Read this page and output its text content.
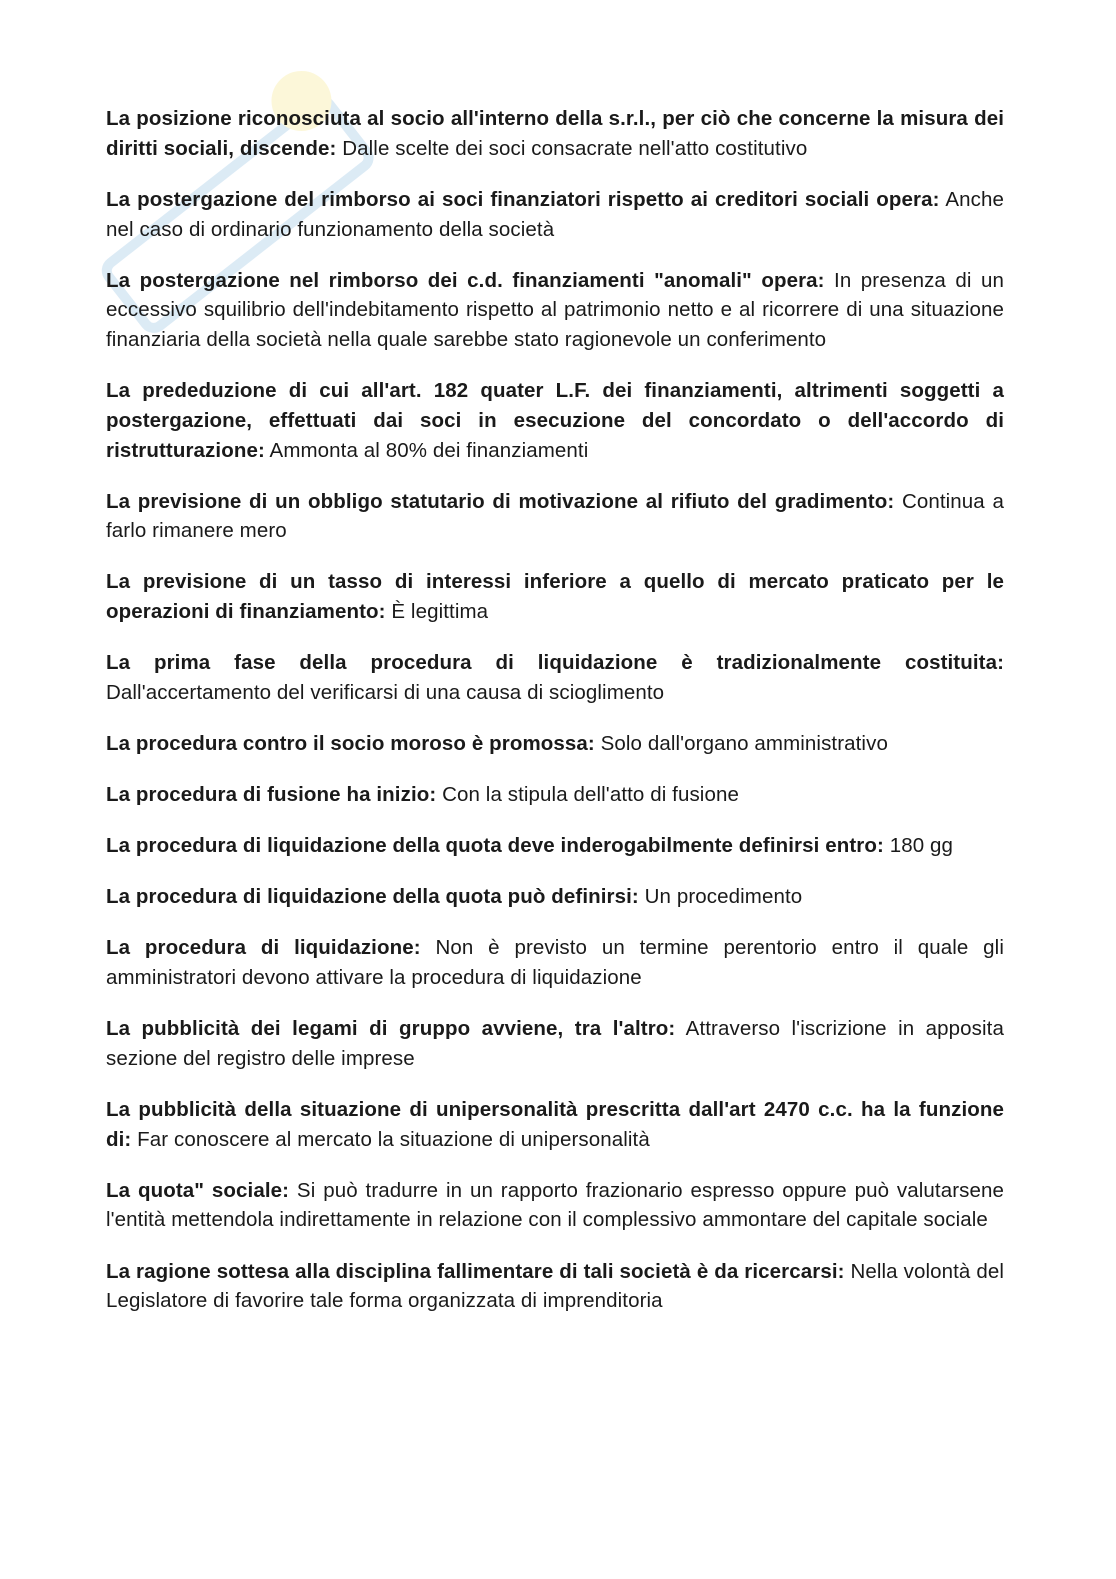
La posizione riconosciuta al socio all'interno della s.r.l., per ciò che concerne la misura dei diritti sociali, discende: Dalle scelte dei soci consacrate nell'atto costitutivo

La postergazione del rimborso ai soci finanziatori rispetto ai creditori sociali opera: Anche nel caso di ordinario funzionamento della società

La postergazione nel rimborso dei c.d. finanziamenti "anomali" opera: In presenza di un eccessivo squilibrio dell'indebitamento rispetto al patrimonio netto e al ricorrere di una situazione finanziaria della società nella quale sarebbe stato ragionevole un conferimento

La prededuzione di cui all'art. 182 quater L.F. dei finanziamenti, altrimenti soggetti a postergazione, effettuati dai soci in esecuzione del concordato o dell'accordo di ristrutturazione: Ammonta al 80% dei finanziamenti

La previsione di un obbligo statutario di motivazione al rifiuto del gradimento: Continua a farlo rimanere mero

La previsione di un tasso di interessi inferiore a quello di mercato praticato per le operazioni di finanziamento: È legittima

La prima fase della procedura di liquidazione è tradizionalmente costituita: Dall'accertamento del verificarsi di una causa di scioglimento

La procedura contro il socio moroso è promossa: Solo dall'organo amministrativo

La procedura di fusione ha inizio: Con la stipula dell'atto di fusione

La procedura di liquidazione della quota deve inderogabilmente definirsi entro: 180 gg

La procedura di liquidazione della quota può definirsi: Un procedimento

La procedura di liquidazione: Non è previsto un termine perentorio entro il quale gli amministratori devono attivare la procedura di liquidazione

La pubblicità dei legami di gruppo avviene, tra l'altro: Attraverso l'iscrizione in apposita sezione del registro delle imprese

La pubblicità della situazione di unipersonalità prescritta dall'art 2470 c.c. ha la funzione di: Far conoscere al mercato la situazione di unipersonalità

La quota" sociale: Si può tradurre in un rapporto frazionario espresso oppure può valutarsene l'entità mettendola indirettamente in relazione con il complessivo ammontare del capitale sociale

La ragione sottesa alla disciplina fallimentare di tali società è da ricercarsi: Nella volontà del Legislatore di favorire tale forma organizzata di imprenditoria
